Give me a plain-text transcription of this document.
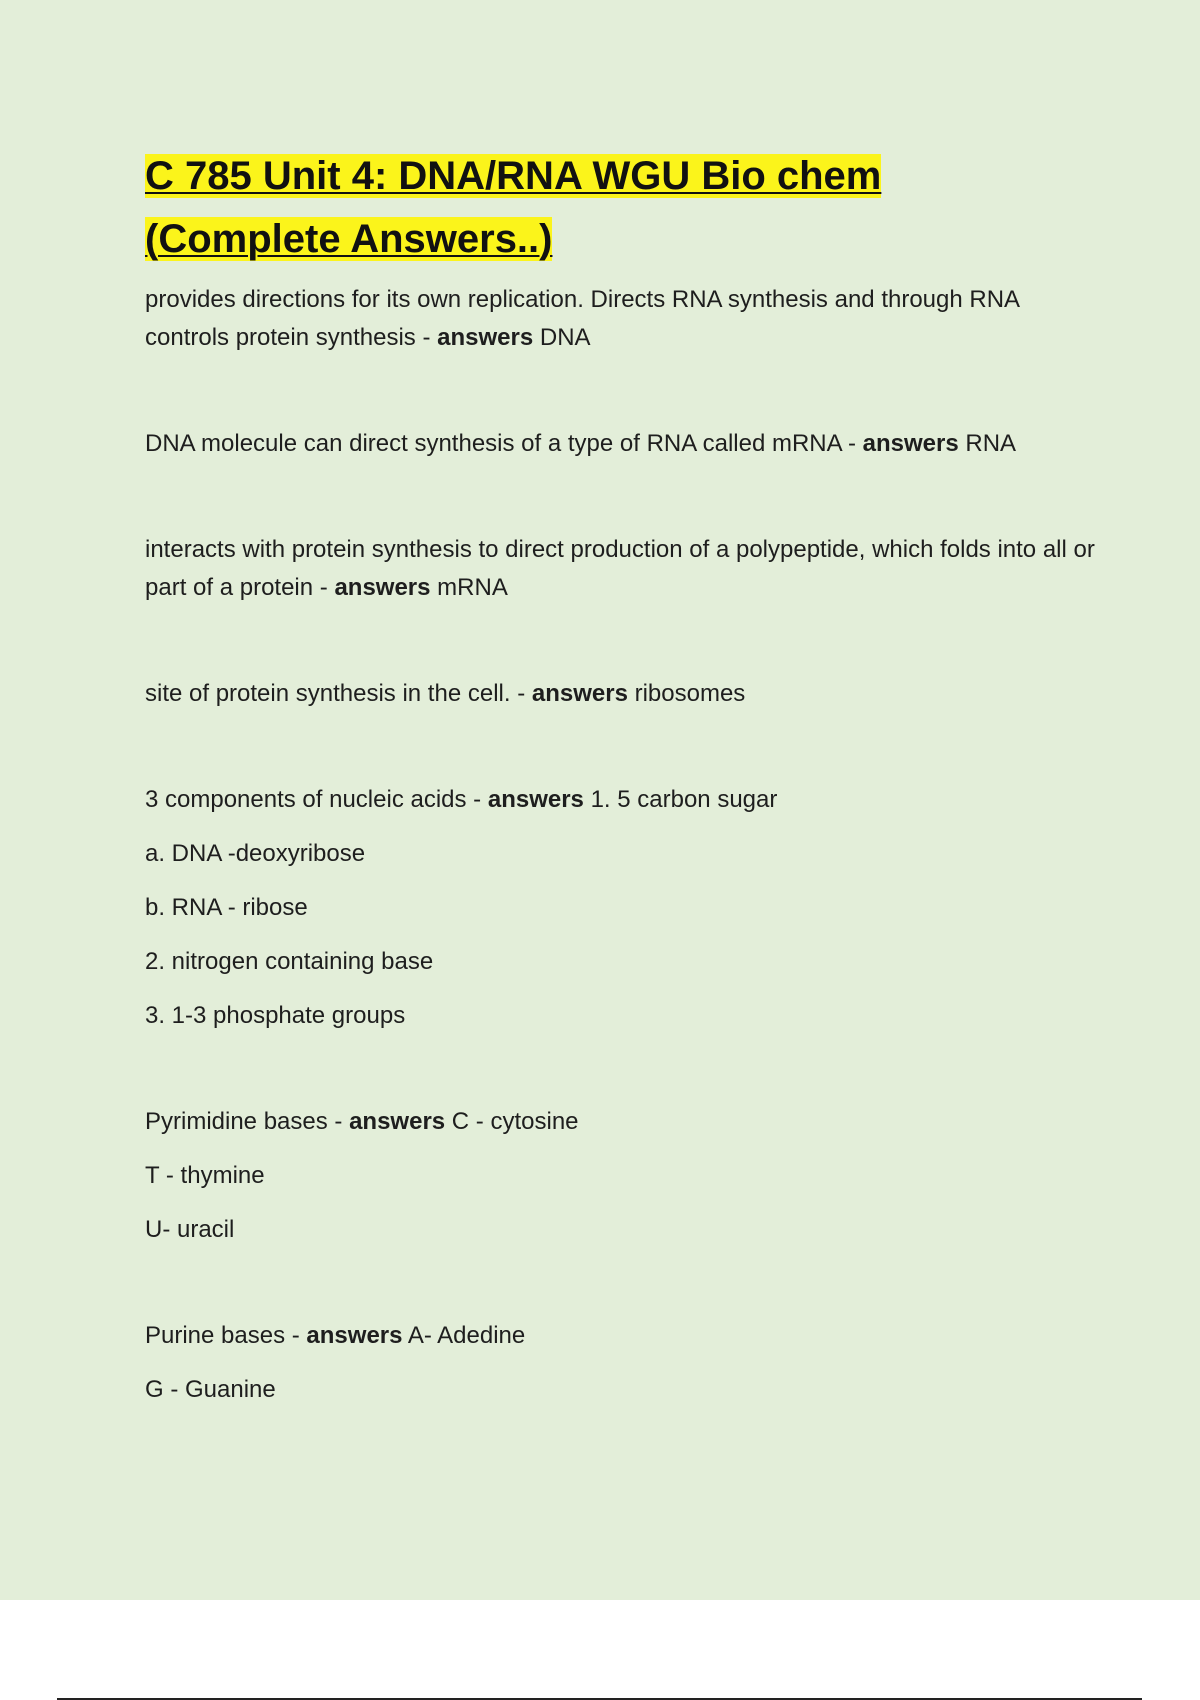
C 785 Unit 4: DNA/RNA WGU Bio chem
(Complete Answers..)

provides directions for its own replication. Directs RNA synthesis and through RNA controls protein synthesis - answers DNA

DNA molecule can direct synthesis of a type of RNA called mRNA - answers RNA

interacts with protein synthesis to direct production of a polypeptide, which folds into all or part of a protein - answers mRNA

site of protein synthesis in the cell. - answers ribosomes

3 components of nucleic acids - answers 1. 5 carbon sugar

a. DNA -deoxyribose

b. RNA - ribose

2. nitrogen containing base

3. 1-3 phosphate groups

Pyrimidine bases - answers C - cytosine

T - thymine

U- uracil

Purine bases - answers A- Adedine

G - Guanine
